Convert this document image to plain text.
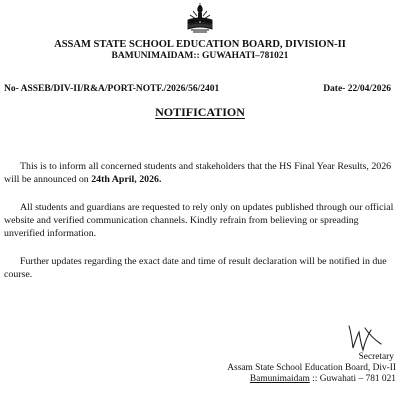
ASSAM STATE SCHOOL EDUCATION BOARD, DIVISION-II
BAMUNIMAIDAM:: GUWAHATI–781021
No- ASSEB/DIV-II/R&A/PORT-NOTF./2026/56/2401	Date- 22/04/2026
NOTIFICATION

This is to inform all concerned students and stakeholders that the HS Final Year Results, 2026 will be announced on 24th April, 2026.

All students and guardians are requested to rely only on updates published through our official website and verified communication channels. Kindly refrain from believing or spreading unverified information.

Further updates regarding the exact date and time of result declaration will be notified in due course.

Secretary
Assam State School Education Board, Div-II
Bamunimaidam :: Guwahati – 781 021
